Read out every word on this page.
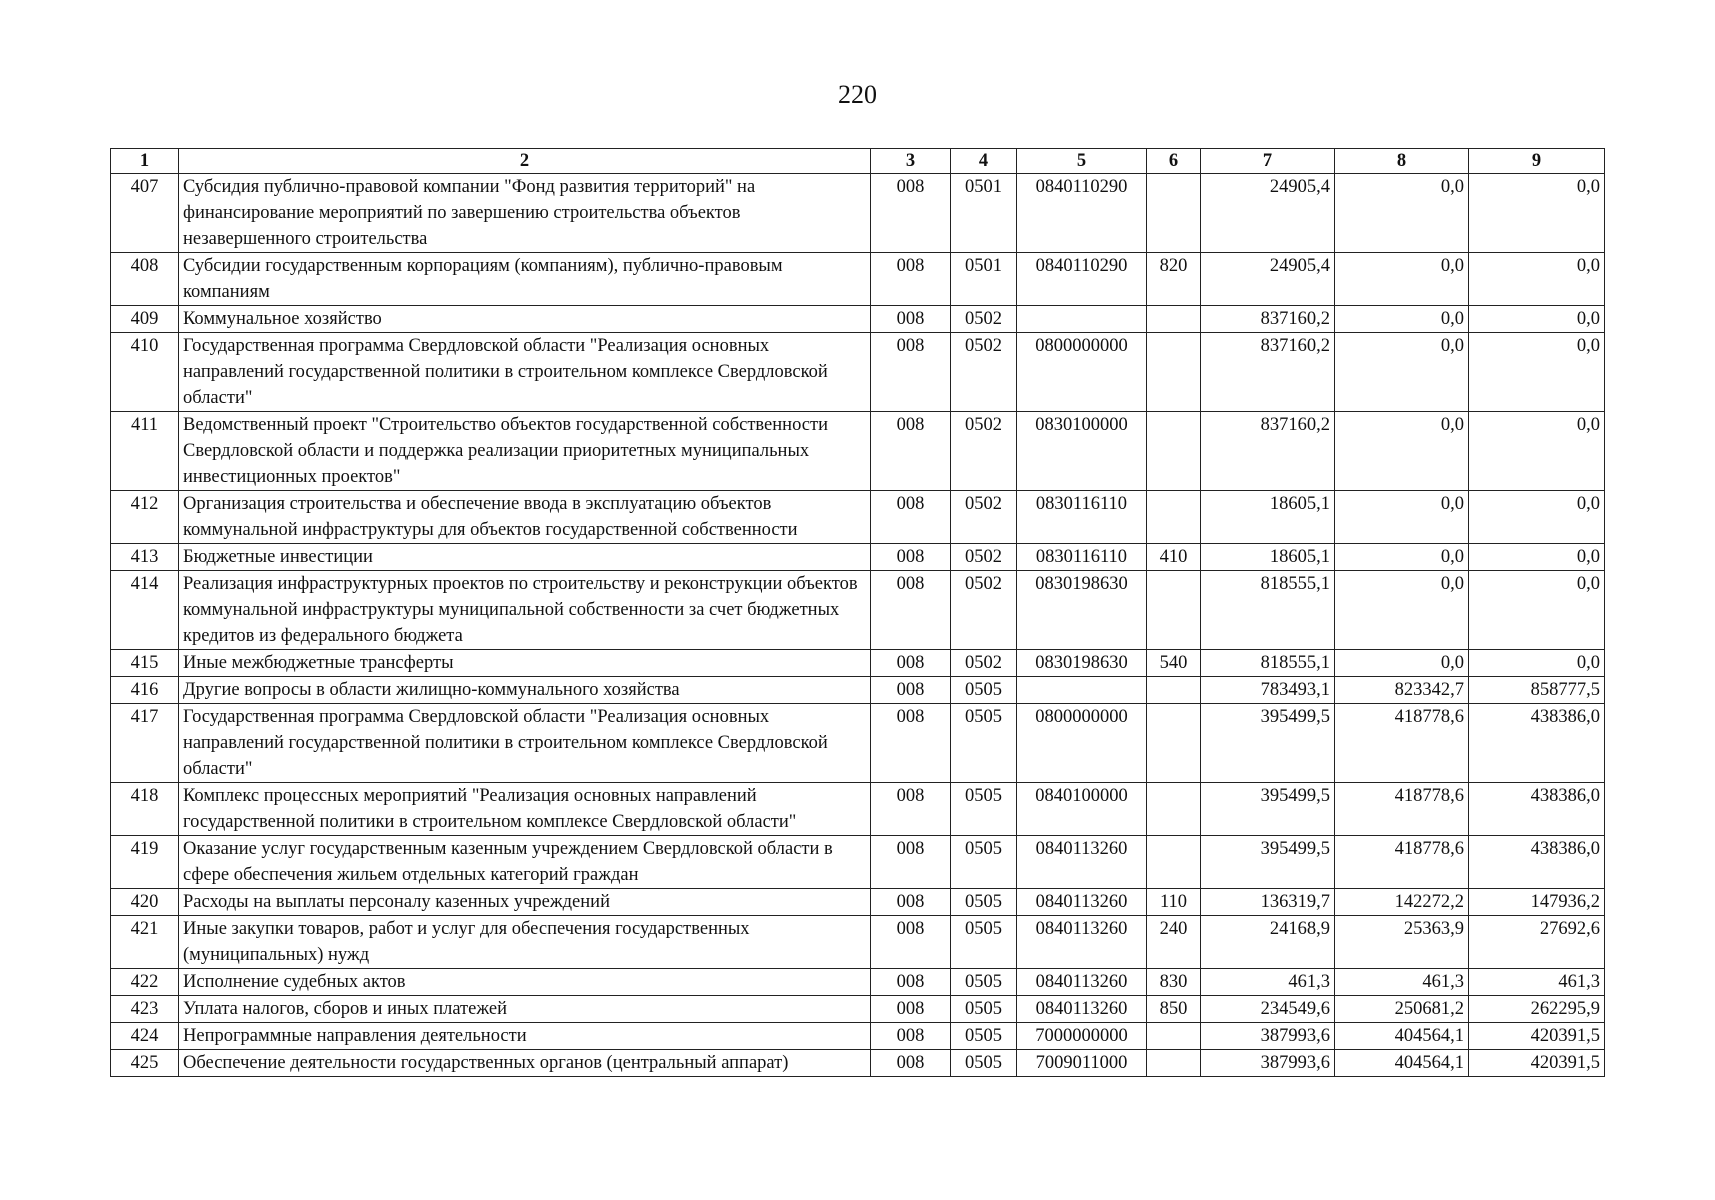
220
1	2	3	4	5	6	7	8	9
407	Субсидия публично-правовой компании "Фонд развития территорий" на финансирование мероприятий по завершению строительства объектов незавершенного строительства	008	0501	0840110290		24905,4	0,0	0,0
408	Субсидии государственным корпорациям (компаниям), публично-правовым компаниям	008	0501	0840110290	820	24905,4	0,0	0,0
409	Коммунальное хозяйство	008	0502			837160,2	0,0	0,0
410	Государственная программа Свердловской области "Реализация основных направлений государственной политики в строительном комплексе Свердловской области"	008	0502	0800000000		837160,2	0,0	0,0
411	Ведомственный проект "Строительство объектов государственной собственности Свердловской области и поддержка реализации приоритетных муниципальных инвестиционных проектов"	008	0502	0830100000		837160,2	0,0	0,0
412	Организация строительства и обеспечение ввода в эксплуатацию объектов коммунальной инфраструктуры для объектов государственной собственности	008	0502	0830116110		18605,1	0,0	0,0
413	Бюджетные инвестиции	008	0502	0830116110	410	18605,1	0,0	0,0
414	Реализация инфраструктурных проектов по строительству и реконструкции объектов коммунальной инфраструктуры муниципальной собственности за счет бюджетных кредитов из федерального бюджета	008	0502	0830198630		818555,1	0,0	0,0
415	Иные межбюджетные трансферты	008	0502	0830198630	540	818555,1	0,0	0,0
416	Другие вопросы в области жилищно-коммунального хозяйства	008	0505			783493,1	823342,7	858777,5
417	Государственная программа Свердловской области "Реализация основных направлений государственной политики в строительном комплексе Свердловской области"	008	0505	0800000000		395499,5	418778,6	438386,0
418	Комплекс процессных мероприятий "Реализация основных направлений государственной политики в строительном комплексе Свердловской области"	008	0505	0840100000		395499,5	418778,6	438386,0
419	Оказание услуг государственным казенным учреждением Свердловской области в сфере обеспечения жильем отдельных категорий граждан	008	0505	0840113260		395499,5	418778,6	438386,0
420	Расходы на выплаты персоналу казенных учреждений	008	0505	0840113260	110	136319,7	142272,2	147936,2
421	Иные закупки товаров, работ и услуг для обеспечения государственных (муниципальных) нужд	008	0505	0840113260	240	24168,9	25363,9	27692,6
422	Исполнение судебных актов	008	0505	0840113260	830	461,3	461,3	461,3
423	Уплата налогов, сборов и иных платежей	008	0505	0840113260	850	234549,6	250681,2	262295,9
424	Непрограммные направления деятельности	008	0505	7000000000		387993,6	404564,1	420391,5
425	Обеспечение деятельности государственных органов (центральный аппарат)	008	0505	7009011000		387993,6	404564,1	420391,5
